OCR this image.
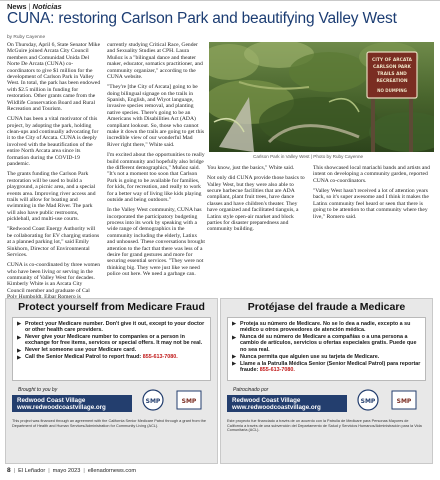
News | Noticias
CUNA: restoring Carlson Park and beautifying Valley West
by Ruby Cayenne

On Thursday, April 6, State Senator Mike McGuire joined Arcata City Council members and Comunidad Unida Del Norte De Arcata (CUNA) co-coordinators to give $1 million for the development of Carlson Park in Valley West. In total, the park has been endowed with $2.5 million in funding for restoration. Other grants came from the Wildlife Conservation Board and Rural Recreation and Tourism.

CUNA has been a vital motivator of this project, by adopting the park, holding clean-ups and continually advocating for it to the City of Arcata. CUNA is deeply involved with the beautification of the entire North Arcata area since its formation during the COVID-19 pandemic.

The grants funding the Carlson Park restoration will be used to build a playground, a picnic area, and a special events area. Improving river access and trails will allow for boating and swimming in the Mad River. The park will also have public restrooms, pickleball, and multi-use courts.

"Redwood Coast Energy Authority will be collaborating for EV charging stations at a planned parking lot," said Emily Sinkhorn, Director of Environmental Services.

CUNA is co-coordinated by three women who have been living or serving in the community of Valley West for decades. Kimberly White is an Arcata City Council member and graduate of Cal

currently studying Critical Race, Gender and Sexuality Studies at CPH. Laura Muñoz is a "bilingual dance and theater maker, educator, somatics practitioner, and community organizer," according to the CUNA website.

"They're [the City of Arcata] going to be doing bilingual signage on the trails in Spanish, English, and Wiyot language, invasive species removal, and planting native species. There's going to be an Americans with Disabilities Act (ADA) compliant lookout. So, those who cannot make it down the trails are going to get this incredible view of our wonderful Mad River right there," White said.

I'm excited about the opportunities to really build community and hopefully also bridge the different demographics," Muñoz said. "It's not a moment too soon that Carlson Park is going to be available for families, for kids, for recreation, and really to work for a better way of living like kids playing outside and being outdoors."

In the Valley West community, CUNA has incorporated the participatory budgeting process into its work by speaking with a wide range of demographics in the community including the elderly, Latinx and unhoused. These conversations brought attention to the fact that there was less of a desire for grand gestures and more for securing essential services. "They were not thinking big. They were just like we need police out here. We need a garbage can.

CITY OF ARCATA
CARLSON PARK
TRAILS AND
RECREATION
NO DUMPING
Carlson Park in Valley West | Photo by Ruby Cayenne

You know, just the basics," White said.

Not only did CUNA provide those basics to Valley West, but they were also able to secure barbecue facilities that are ADA compliant, plant fruit trees, have dance classes and have children's theater. They have organized and facilitated tianguis, a Latinx style open-air market and block parties for disaster preparedness and community building.

This showcased local mariachi bands and artists and intent on developing a community garden, reported CUNA co-coordinators.

"Valley West hasn't received a lot of attention years back, so it's super awesome and I think it makes the Latinx community feel heard or seen that there is going to be attention to that community where they live," Romero said.

Protect yourself from Medicare Fraud
▶ Protect your Medicare number. Don't give it out, except to your doctor or other health care providers.
▶ Never give your Medicare number to companies or a person in exchange for free items, services or special offers. It may not be real.
▶ Never let someone use your Medicare card.
▶ Call the Senior Medical Patrol to report fraud: 855-613-7080.
Brought to you by
Redwood Coast Village
www.redwoodcoastvillage.org
SMP	SMP
This project was financed through an agreement with the California Senior Medicare Patrol through a grant from the Department of Health and Human Services/Administration for Community Living (ACL).
Protéjase del fraude a Medicare
▶ Proteja su número de Medicare. No se lo dea a nadie, excepto a su médico u otros proveedores de atención médica.
▶ Nunca dé su número de Medicare a compañías o a una persona a cambio de artículos, servicios u ofertas especiales gratis. Puede que no sea real.
▶ Nunca permita que alguien use su tarjeta de Medicare.
▶ Llame a la Patrulla Médica Senior (Senior Medical Patrol) para reportar fraude: 855-613-7080.
Patrocinado por
Redwood Coast Village
www.redwoodcoastvillage.org
SMP	SMP
Este proyecto fue financiado a través de un acuerdo con la Patrulla de Medicare para Personas Mayores de California a través de una subvención del Departamento de Salud y Servicios Humanos/Administración para la Vida Comunitaria (ACL).
8 | El Leñador | mayo 2023 | ellenadornews.com
